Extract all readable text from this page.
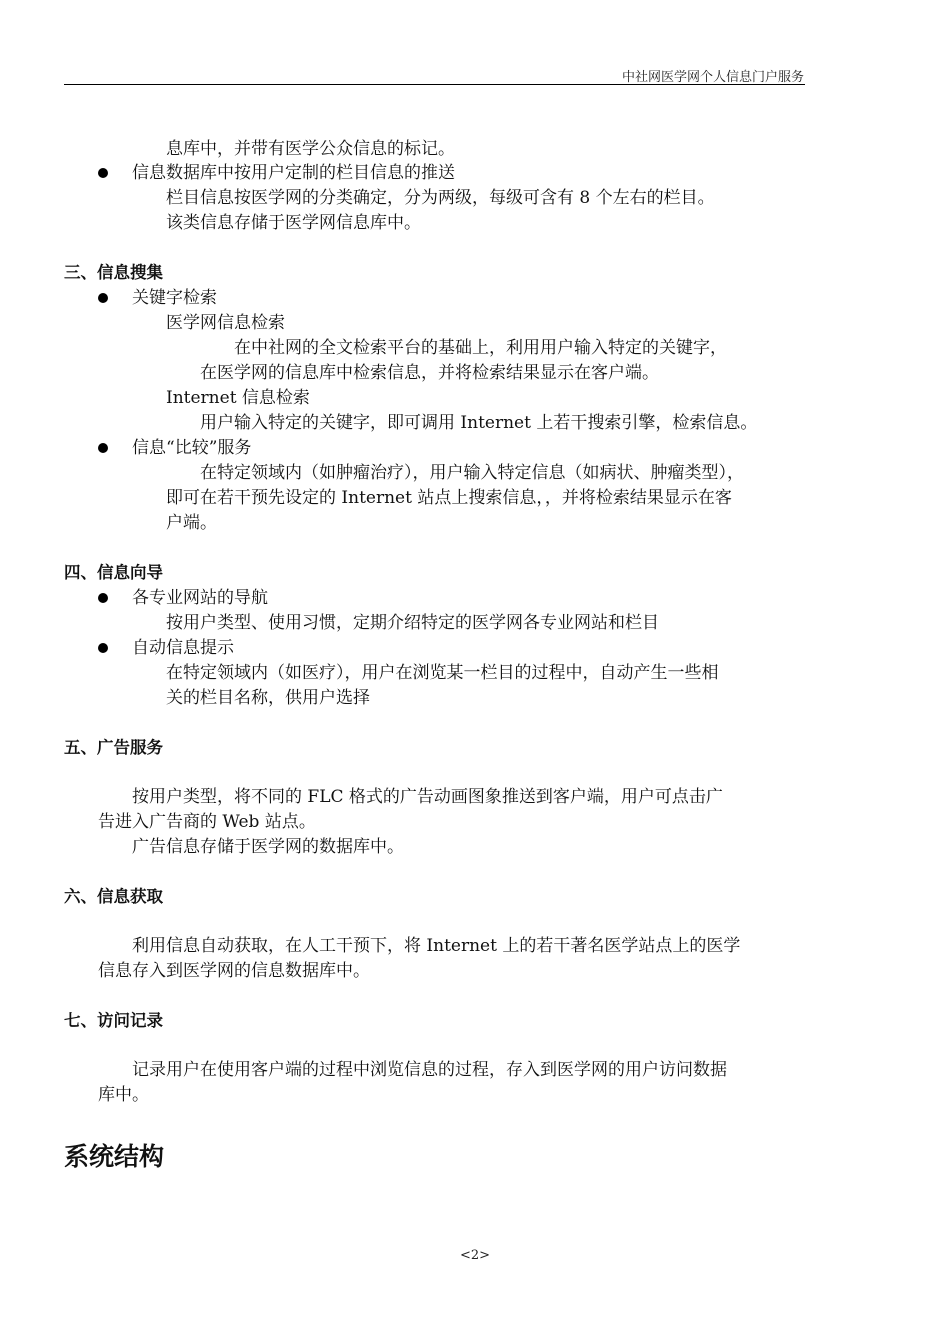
中社网医学网个人信息门户服务
息库中，并带有医学公众信息的标记。
信息数据库中按用户定制的栏目信息的推送
栏目信息按医学网的分类确定，分为两级，每级可含有 8 个左右的栏目。
该类信息存储于医学网信息库中。
三、信息搜集
关键字检索
医学网信息检索
在中社网的全文检索平台的基础上，利用用户输入特定的关键字，
在医学网的信息库中检索信息，并将检索结果显示在客户端。
Internet 信息检索
用户输入特定的关键字，即可调用 Internet 上若干搜索引擎，检索信息。
信息“比较”服务
在特定领域内（如肿瘤治疗），用户输入特定信息（如病状、肿瘤类型），
即可在若干预先设定的 Internet 站点上搜索信息，，并将检索结果显示在客
户端。
四、信息向导
各专业网站的导航
按用户类型、使用习惯，定期介绍特定的医学网各专业网站和栏目
自动信息提示
在特定领域内（如医疗），用户在浏览某一栏目的过程中，自动产生一些相
关的栏目名称，供用户选择
五、广告服务
按用户类型，将不同的 FLC 格式的广告动画图象推送到客户端，用户可点击广
告进入广告商的 Web 站点。
广告信息存储于医学网的数据库中。
六、信息获取
利用信息自动获取，在人工干预下，将 Internet 上的若干著名医学站点上的医学
信息存入到医学网的信息数据库中。
七、访问记录
记录用户在使用客户端的过程中浏览信息的过程，存入到医学网的用户访问数据
库中。
系统结构
<2>
